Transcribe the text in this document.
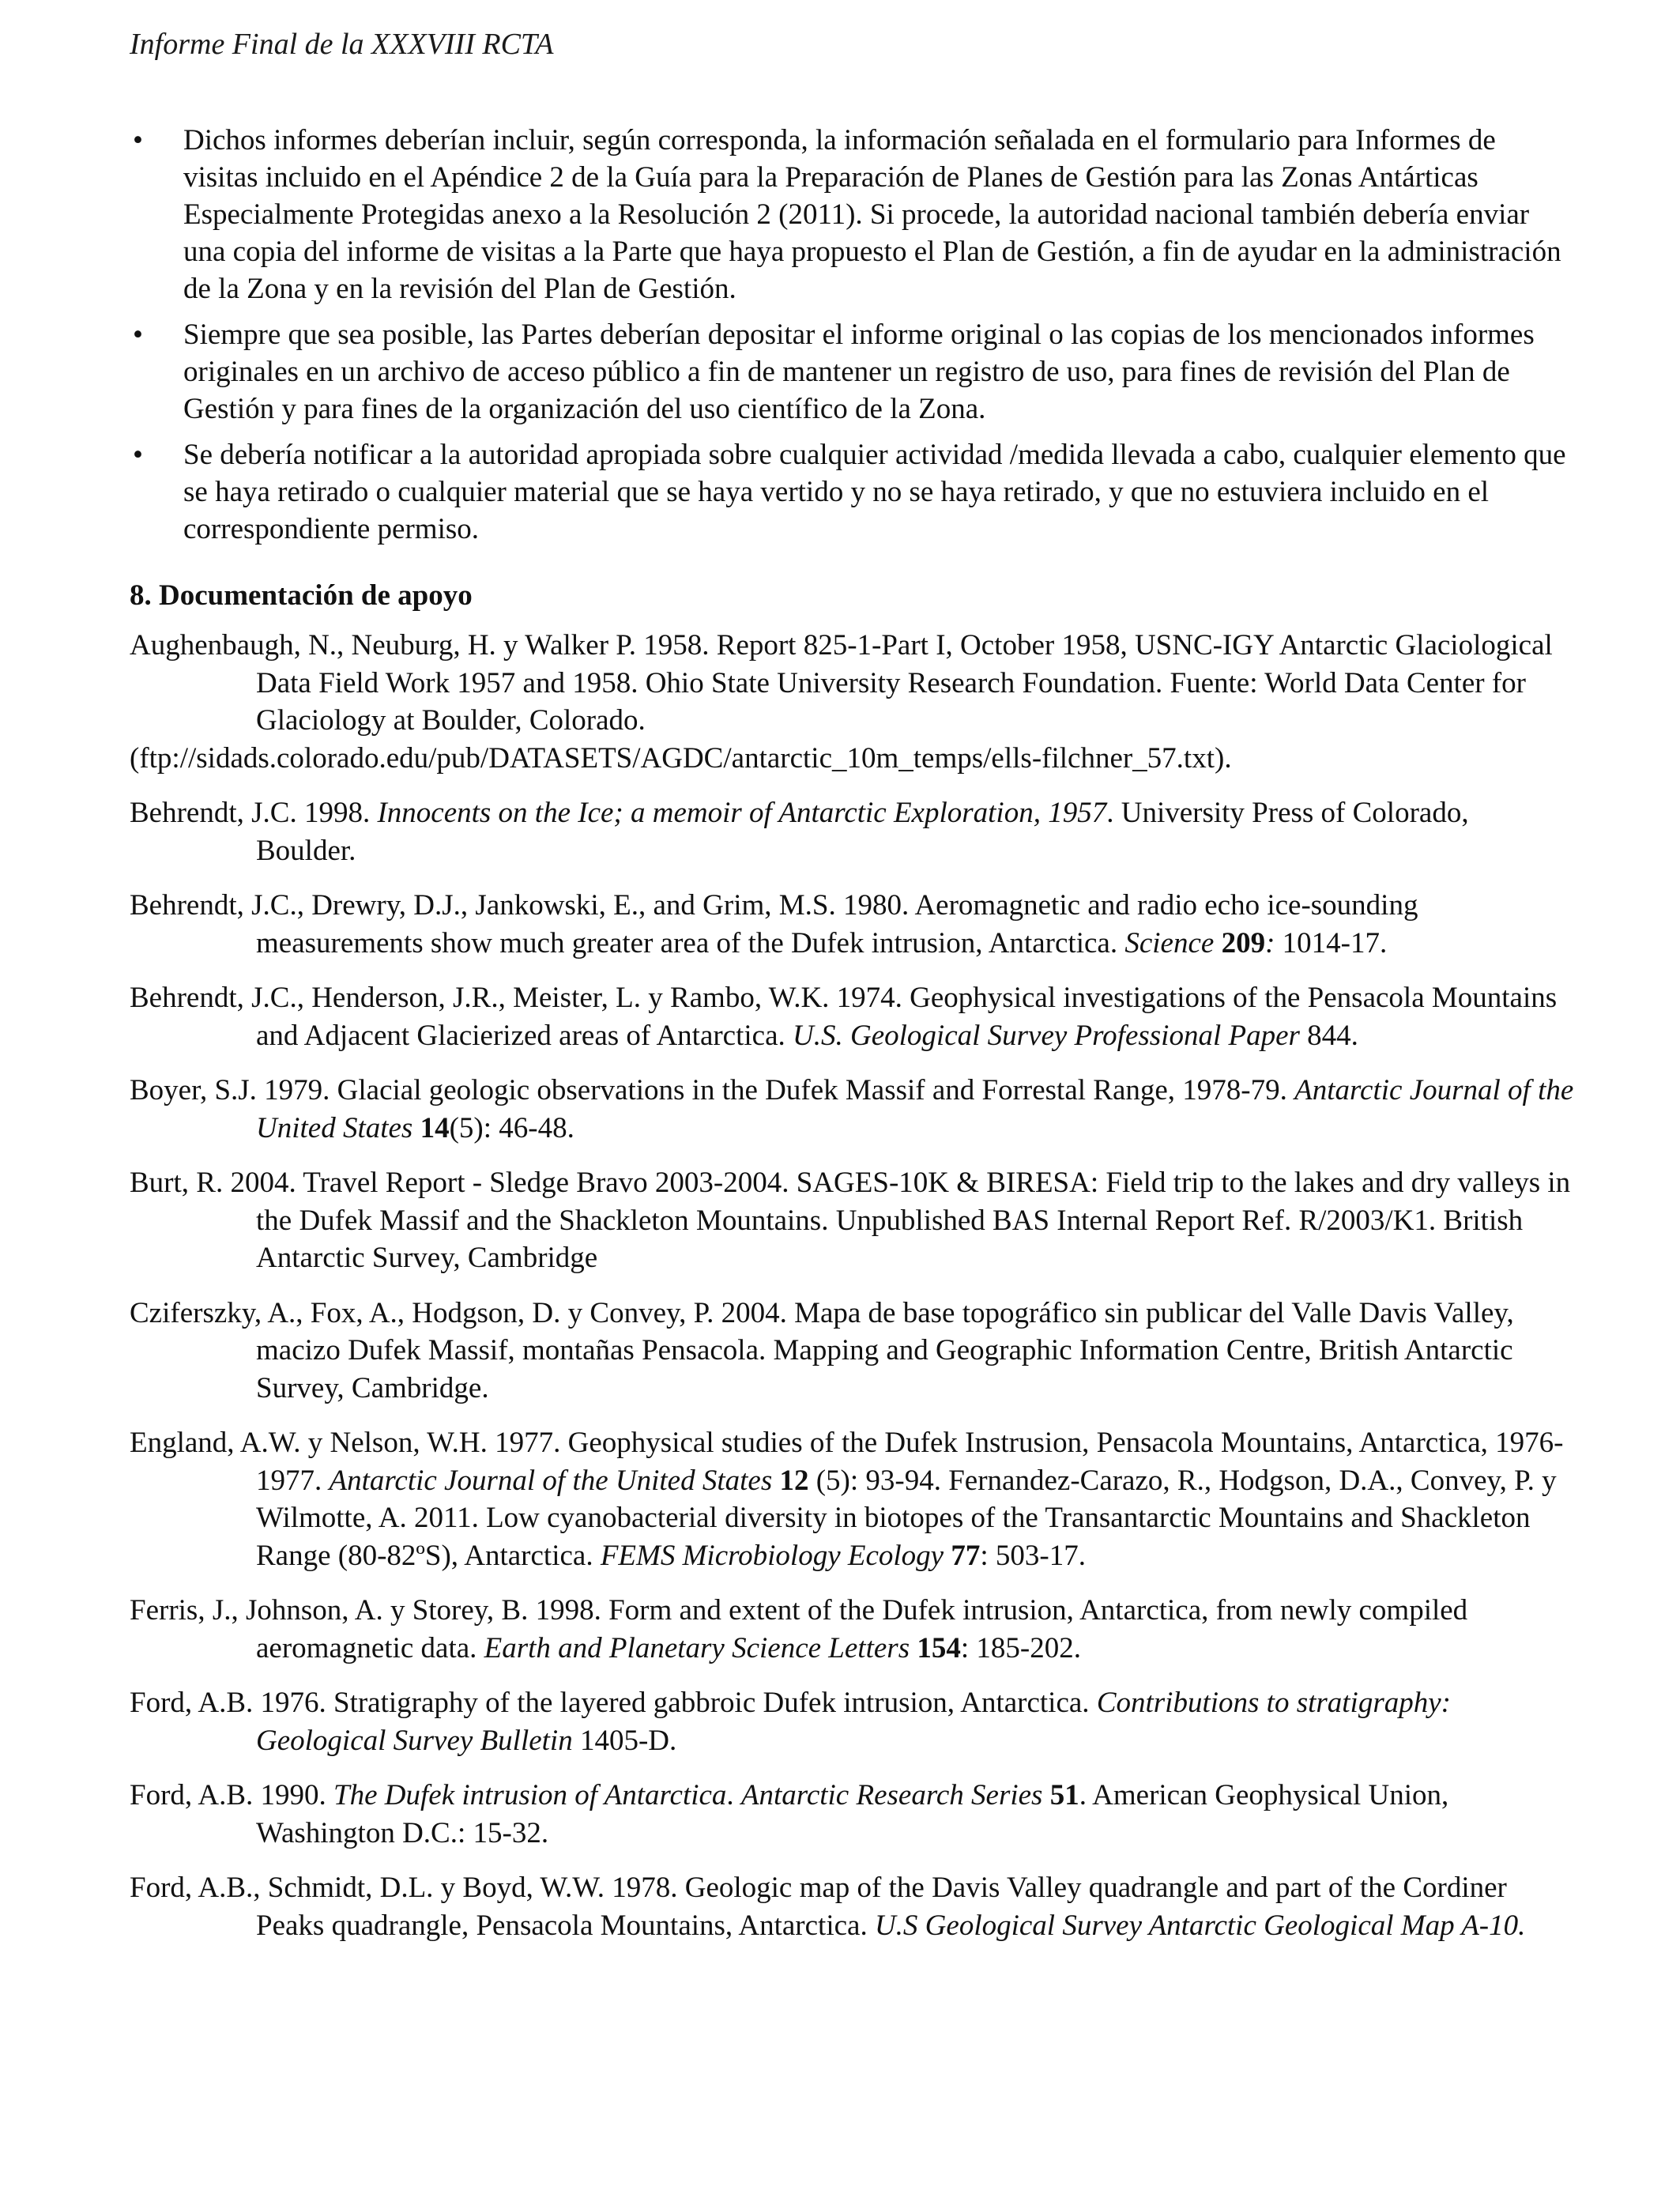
Informe Final de la XXXVIII RCTA
• Dichos informes deberían incluir, según corresponda, la información señalada en el formulario para Informes de visitas incluido en el Apéndice 2 de la Guía para la Preparación de Planes de Gestión para las Zonas Antárticas Especialmente Protegidas anexo a la Resolución 2 (2011). Si procede, la autoridad nacional también debería enviar una copia del informe de visitas a la Parte que haya propuesto el Plan de Gestión, a fin de ayudar en la administración de la Zona y en la revisión del Plan de Gestión.
• Siempre que sea posible, las Partes deberían depositar el informe original o las copias de los mencionados informes originales en un archivo de acceso público a fin de mantener un registro de uso, para fines de revisión del Plan de Gestión y para fines de la organización del uso científico de la Zona.
• Se debería notificar a la autoridad apropiada sobre cualquier actividad /medida llevada a cabo, cualquier elemento que se haya retirado o cualquier material que se haya vertido y no se haya retirado, y que no estuviera incluido en el correspondiente permiso.
8. Documentación de apoyo

Aughenbaugh, N., Neuburg, H. y Walker P. 1958. Report 825-1-Part I, October 1958, USNC-IGY Antarctic Glaciological Data Field Work 1957 and 1958. Ohio State University Research Foundation. Fuente: World Data Center for Glaciology at Boulder, Colorado.
(ftp://sidads.colorado.edu/pub/DATASETS/AGDC/antarctic_10m_temps/ells-filchner_57.txt).

Behrendt, J.C. 1998. Innocents on the Ice; a memoir of Antarctic Exploration, 1957. University Press of Colorado, Boulder.

Behrendt, J.C., Drewry, D.J., Jankowski, E., and Grim, M.S. 1980. Aeromagnetic and radio echo ice-sounding measurements show much greater area of the Dufek intrusion, Antarctica. Science 209: 1014-17.

Behrendt, J.C., Henderson, J.R., Meister, L. y Rambo, W.K. 1974. Geophysical investigations of the Pensacola Mountains and Adjacent Glacierized areas of Antarctica. U.S. Geological Survey Professional Paper 844.

Boyer, S.J. 1979. Glacial geologic observations in the Dufek Massif and Forrestal Range, 1978-79. Antarctic Journal of the United States 14(5): 46-48.

Burt, R. 2004. Travel Report - Sledge Bravo 2003-2004. SAGES-10K & BIRESA: Field trip to the lakes and dry valleys in the Dufek Massif and the Shackleton Mountains. Unpublished BAS Internal Report Ref. R/2003/K1. British Antarctic Survey, Cambridge

Cziferszky, A., Fox, A., Hodgson, D. y Convey, P. 2004. Mapa de base topográfico sin publicar del Valle Davis Valley, macizo Dufek Massif, montañas Pensacola. Mapping and Geographic Information Centre, British Antarctic Survey, Cambridge.

England, A.W. y Nelson, W.H. 1977. Geophysical studies of the Dufek Instrusion, Pensacola Mountains, Antarctica, 1976-1977. Antarctic Journal of the United States 12 (5): 93-94. Fernandez-Carazo, R., Hodgson, D.A., Convey, P. y Wilmotte, A. 2011. Low cyanobacterial diversity in biotopes of the Transantarctic Mountains and Shackleton Range (80-82ºS), Antarctica. FEMS Microbiology Ecology 77: 503-17.

Ferris, J., Johnson, A. y Storey, B. 1998. Form and extent of the Dufek intrusion, Antarctica, from newly compiled aeromagnetic data. Earth and Planetary Science Letters 154: 185-202.

Ford, A.B. 1976. Stratigraphy of the layered gabbroic Dufek intrusion, Antarctica. Contributions to stratigraphy: Geological Survey Bulletin 1405-D.

Ford, A.B. 1990. The Dufek intrusion of Antarctica. Antarctic Research Series 51. American Geophysical Union, Washington D.C.: 15-32.

Ford, A.B., Schmidt, D.L. y Boyd, W.W. 1978. Geologic map of the Davis Valley quadrangle and part of the Cordiner Peaks quadrangle, Pensacola Mountains, Antarctica. U.S Geological Survey Antarctic Geological Map A-10.
